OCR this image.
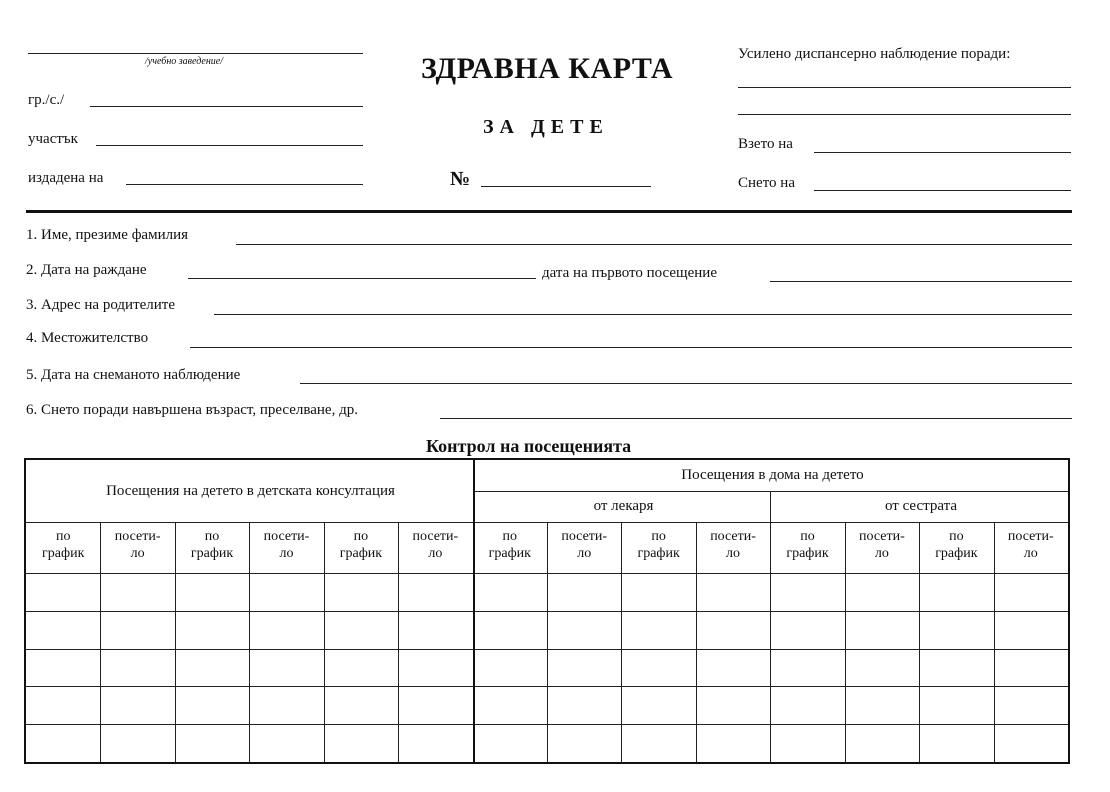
/учебно заведение/
гр./с./
участък
издадена на
ЗДРАВНА КАРТА
ЗА ДЕТЕ
№
Усилено диспансерно наблюдение поради:
Взето на
Снето на
1. Име, презиме фамилия
2. Дата на раждане	дата на първото посещение
3. Адрес на родителите
4. Местожителство
5. Дата на снеманото наблюдение
6. Снето поради навършена възраст, преселване, др.
Контрол на посещенията
Посещения на детето в детската консултация
Посещения в дома на детето
от лекаря	от сестрата
по
график
посети-
ло
по
график
посети-
ло
по
график
посети-
ло
по
график
посети-
ло
по
график
посети-
ло
по
график
посети-
ло
по
график
посети-
ло
